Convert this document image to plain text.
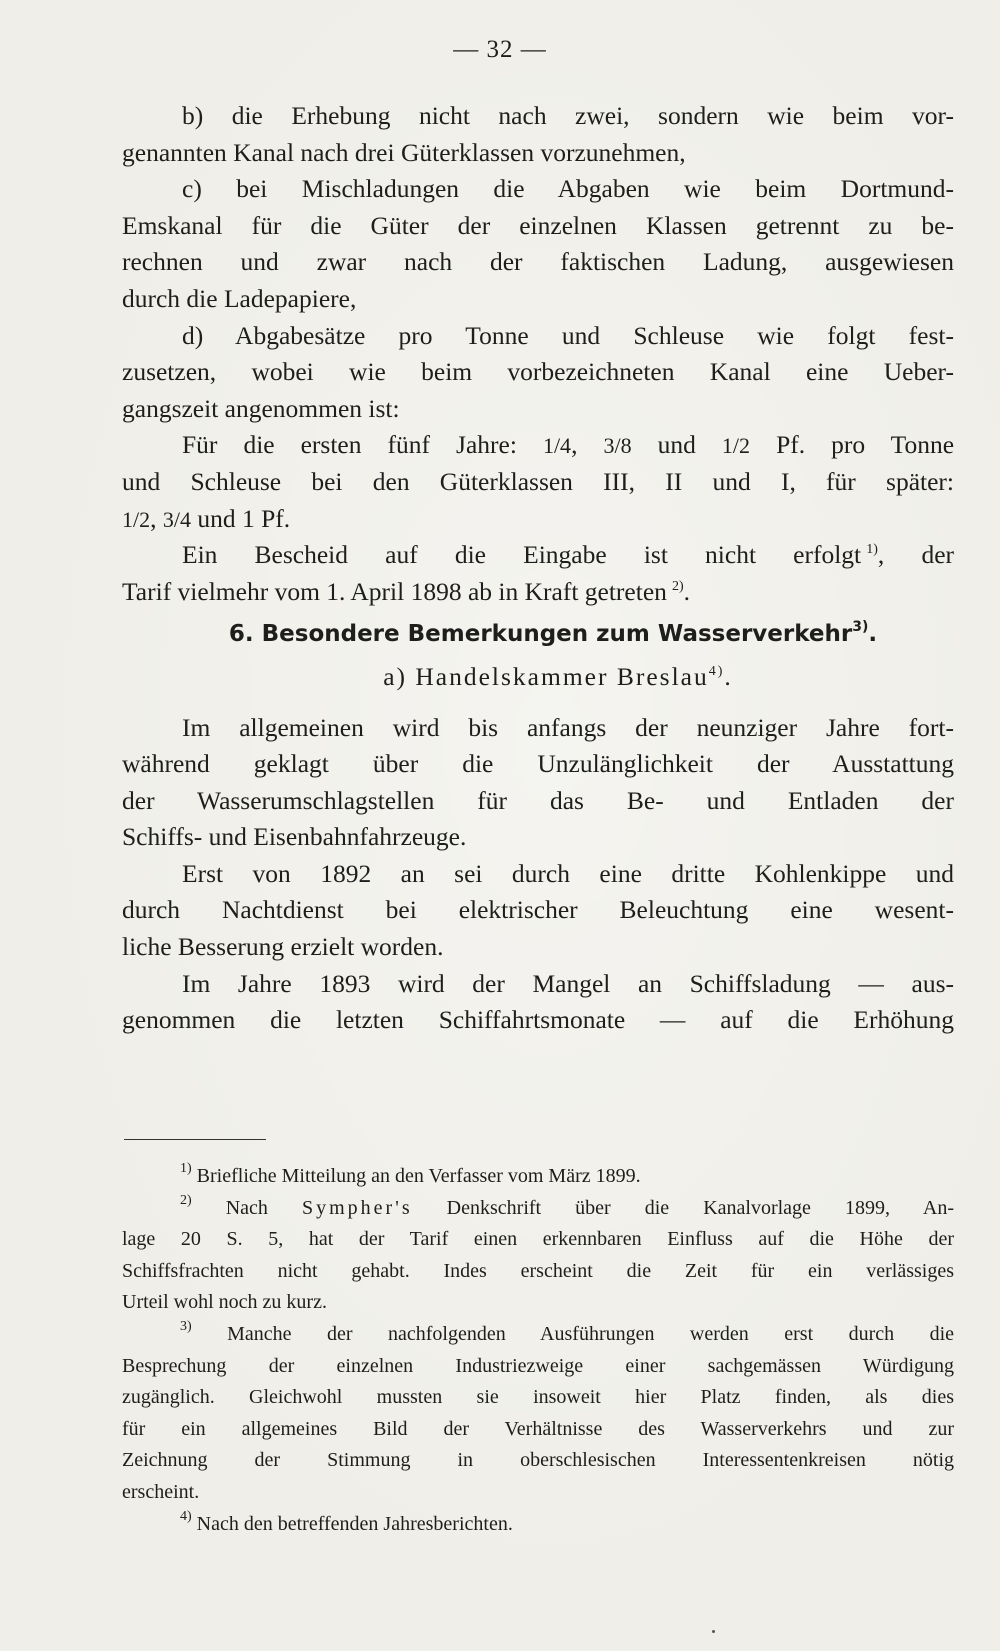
— 32 —
b) die Erhebung nicht nach zwei, sondern wie beim vor-
genannten Kanal nach drei Güterklassen vorzunehmen,
c) bei Mischladungen die Abgaben wie beim Dortmund-
Emskanal für die Güter der einzelnen Klassen getrennt zu be-
rechnen und zwar nach der faktischen Ladung, ausgewiesen
durch die Ladepapiere,
d) Abgabesätze pro Tonne und Schleuse wie folgt fest-
zusetzen, wobei wie beim vorbezeichneten Kanal eine Ueber-
gangszeit angenommen ist:
Für die ersten fünf Jahre: 1/4, 3/8 und 1/2 Pf. pro Tonne
und Schleuse bei den Güterklassen III, II und I, für später:
1/2, 3/4 und 1 Pf.
Ein Bescheid auf die Eingabe ist nicht erfolgt  $^{1)}$, der
Tarif vielmehr vom 1. April 1898 ab in Kraft getreten  $^{2)}$.
6. Besondere Bemerkungen zum Wasserverkehr$^{3)}$.
a) Handelskammer Breslau$^{4)}$.
Im allgemeinen wird bis anfangs der neunziger Jahre fort-
während geklagt über die Unzulänglichkeit der Ausstattung
der Wasserumschlagstellen für das Be- und Entladen der
Schiffs- und Eisenbahnfahrzeuge.
Erst von 1892 an sei durch eine dritte Kohlenkippe und
durch Nachtdienst bei elektrischer Beleuchtung eine wesent-
liche Besserung erzielt worden.
Im Jahre 1893 wird der Mangel an Schiffsladung — aus-
genommen die letzten Schiffahrtsmonate — auf die Erhöhung
$^{1)}$ Briefliche Mitteilung an den Verfasser vom März 1899.
$^{2)}$ Nach Sympher's Denkschrift über die Kanalvorlage 1899, An-
lage 20 S. 5, hat der Tarif einen erkennbaren Einfluss auf die Höhe der
Schiffsfrachten nicht gehabt. Indes erscheint die Zeit für ein verlässiges
Urteil wohl noch zu kurz.
$^{3)}$ Manche der nachfolgenden Ausführungen werden erst durch die
Besprechung der einzelnen Industriezweige einer sachgemässen Würdigung
zugänglich. Gleichwohl mussten sie insoweit hier Platz finden, als dies
für ein allgemeines Bild der Verhältnisse des Wasserverkehrs und zur
Zeichnung der Stimmung in oberschlesischen Interessentenkreisen nötig
erscheint.
$^{4)}$ Nach den betreffenden Jahresberichten.
